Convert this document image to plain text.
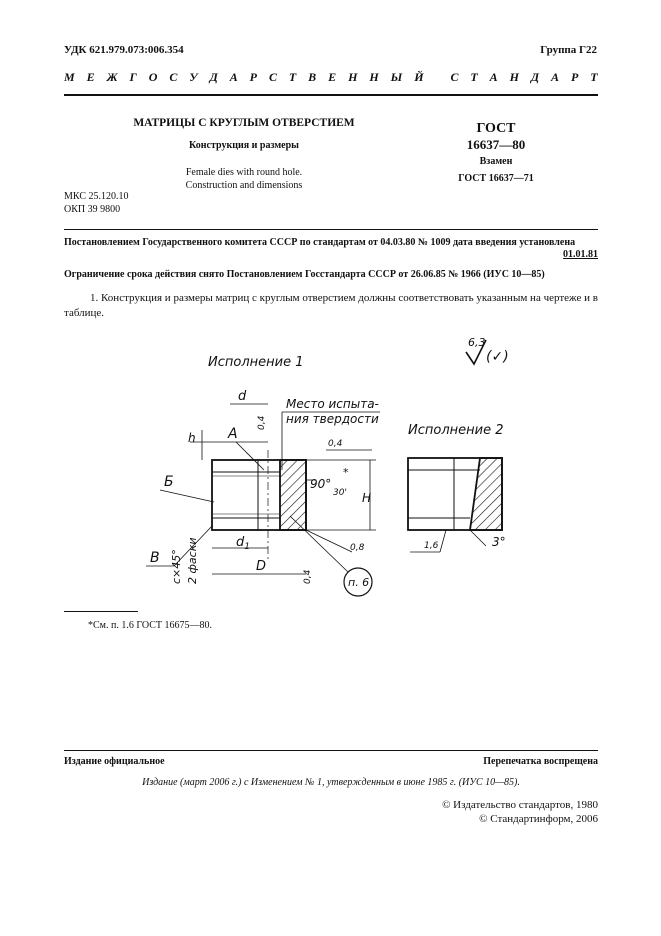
УДК 621.979.073:006.354	Группа Г22
М Е Ж Г О С У Д А Р С Т В Е Н Н Ы Й
С Т А Н Д А Р Т
МАТРИЦЫ С КРУГЛЫМ ОТВЕРСТИЕМ
Конструкция и размеры
Female dies with round hole.
Construction and dimensions
ГОСТ
16637—80
Взамен
ГОСТ 16637—71
МКС 25.120.10
ОКП 39 9800
Постановлением Государственного комитета СССР по стандартам от 04.03.80 № 1009 дата введения установлена
01.01.81
Ограничение срока действия снято Постановлением Госстандарта СССР от 26.06.85 № 1966 (ИУС 10—85)
1. Конструкция и размеры матриц с круглым отверстием должны соответствовать указанным на чертеже и в таблице.
6,3
(✓)
Исполнение 1
Исполнение 2
d
0,4
Место испыта-
ния твердости
A
0,4
90°
30'
*
H
h
Б
В c×45° 2 фаски	$d_1$
D
0,4
0,8
п. 6
1,6	3°
*См. п. 1.6 ГОСТ 16675—80.
Издание официальное	Перепечатка воспрещена
Издание (март 2006 г.) с Изменением № 1, утвержденным в июне 1985 г. (ИУС 10—85).
© Издательство стандартов, 1980
© Стандартинформ, 2006
